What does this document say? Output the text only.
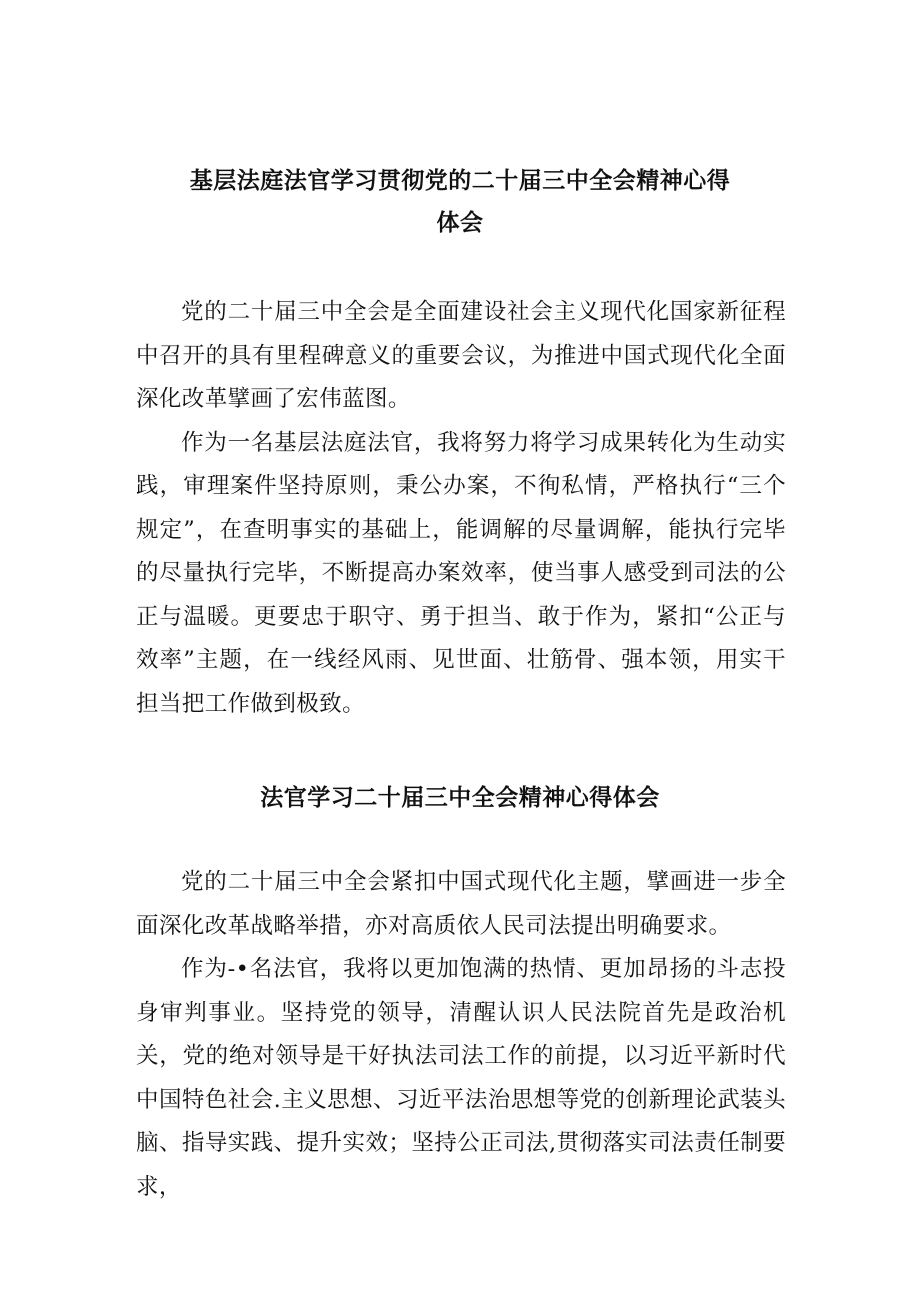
基层法庭法官学习贯彻党的二十届三中全会精神心得
体会

党的二十届三中全会是全面建设社会主义现代化国家新征程中召开的具有里程碑意义的重要会议，为推进中国式现代化全面深化改革擘画了宏伟蓝图。

作为一名基层法庭法官，我将努力将学习成果转化为生动实践，审理案件坚持原则，秉公办案，不徇私情，严格执行“三个规定”，在查明事实的基础上，能调解的尽量调解，能执行完毕的尽量执行完毕，不断提高办案效率，使当事人感受到司法的公正与温暖。更要忠于职守、勇于担当、敢于作为，紧扣“公正与效率”主题，在一线经风雨、见世面、壮筋骨、强本领，用实干担当把工作做到极致。

法官学习二十届三中全会精神心得体会

党的二十届三中全会紧扣中国式现代化主题，擘画进一步全面深化改革战略举措，亦对高质依人民司法提出明确要求。

作为-•名法官，我将以更加饱满的热情、更加昂扬的斗志投身审判事业。坚持党的领导，清醒认识人民法院首先是政治机关，党的绝对领导是干好执法司法工作的前提，以习近平新时代中国特色社会.主义思想、习近平法治思想等党的创新理论武装头脑、指导实践、提升实效；坚持公正司法,贯彻落实司法责任制要求，
